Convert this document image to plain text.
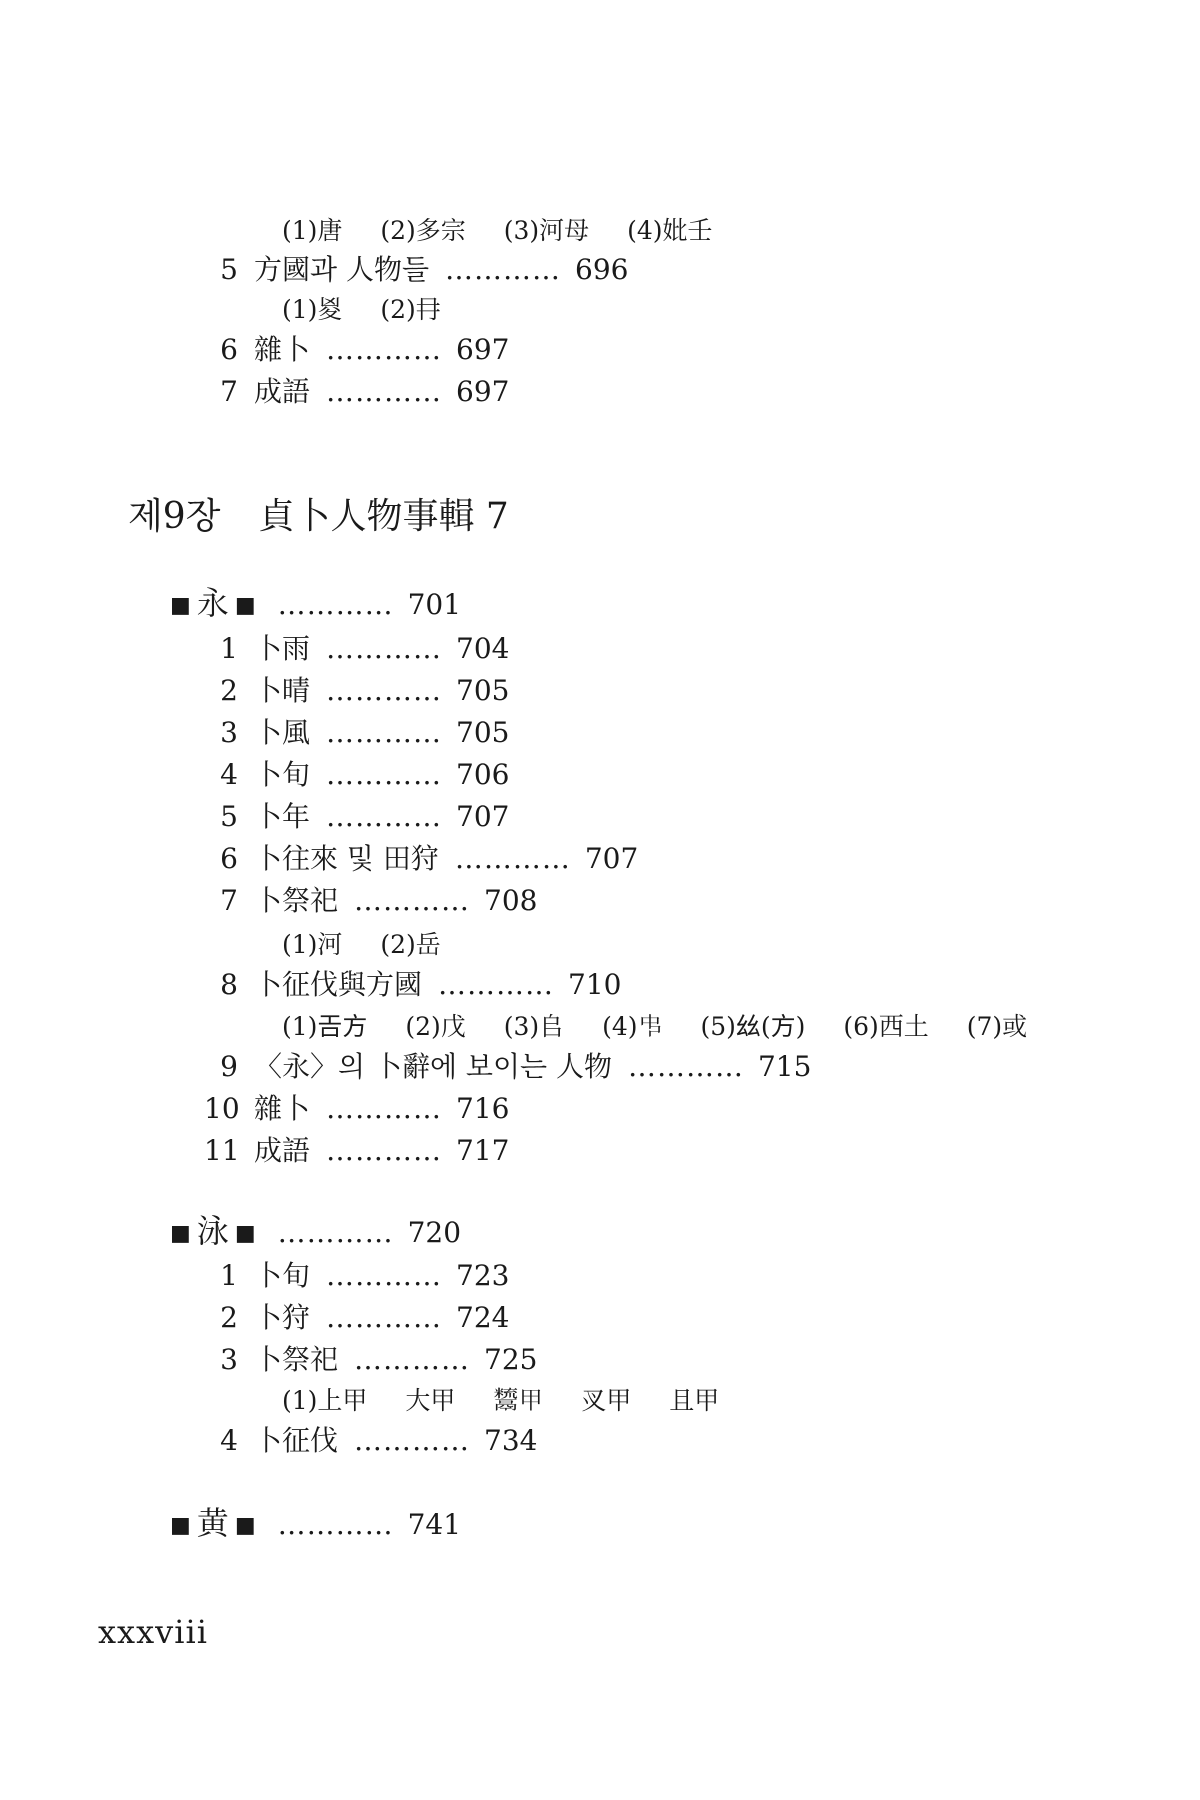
(1)唐 (2)多宗 (3)河母 (4)妣壬
5 方國과 人物들 ………… 696
(1)㚇 (2)冄
6 雜卜 ………… 697
7 成語 ………… 697
제9장 貞卜人物事輯 7
■ 永 ■ ………… 701
1 卜雨 ………… 704
2 卜晴 ………… 705
3 卜風 ………… 705
4 卜旬 ………… 706
5 卜年 ………… 707
6 卜往來 및 田狩 ………… 707
7 卜祭祀 ………… 708
(1)河 (2)岳
8 卜征伐與方國 ………… 710
(1)𢀛方 (2)戊 (3)𠂤 (4)𠁧 (5)𢆶(方) (6)西土 (7)或
9 〈永〉의 卜辭에 보이는 人物 ………… 715
10 雜卜 ………… 716
11 成語 ………… 717
■ 泳 ■ ………… 720
1 卜旬 ………… 723
2 卜狩 ………… 724
3 卜祭祀 ………… 725
(1)上甲 大甲 𩱙甲 㕚甲 且甲
4 卜征伐 ………… 734
■ 黄 ■ ………… 741
xxxviii
